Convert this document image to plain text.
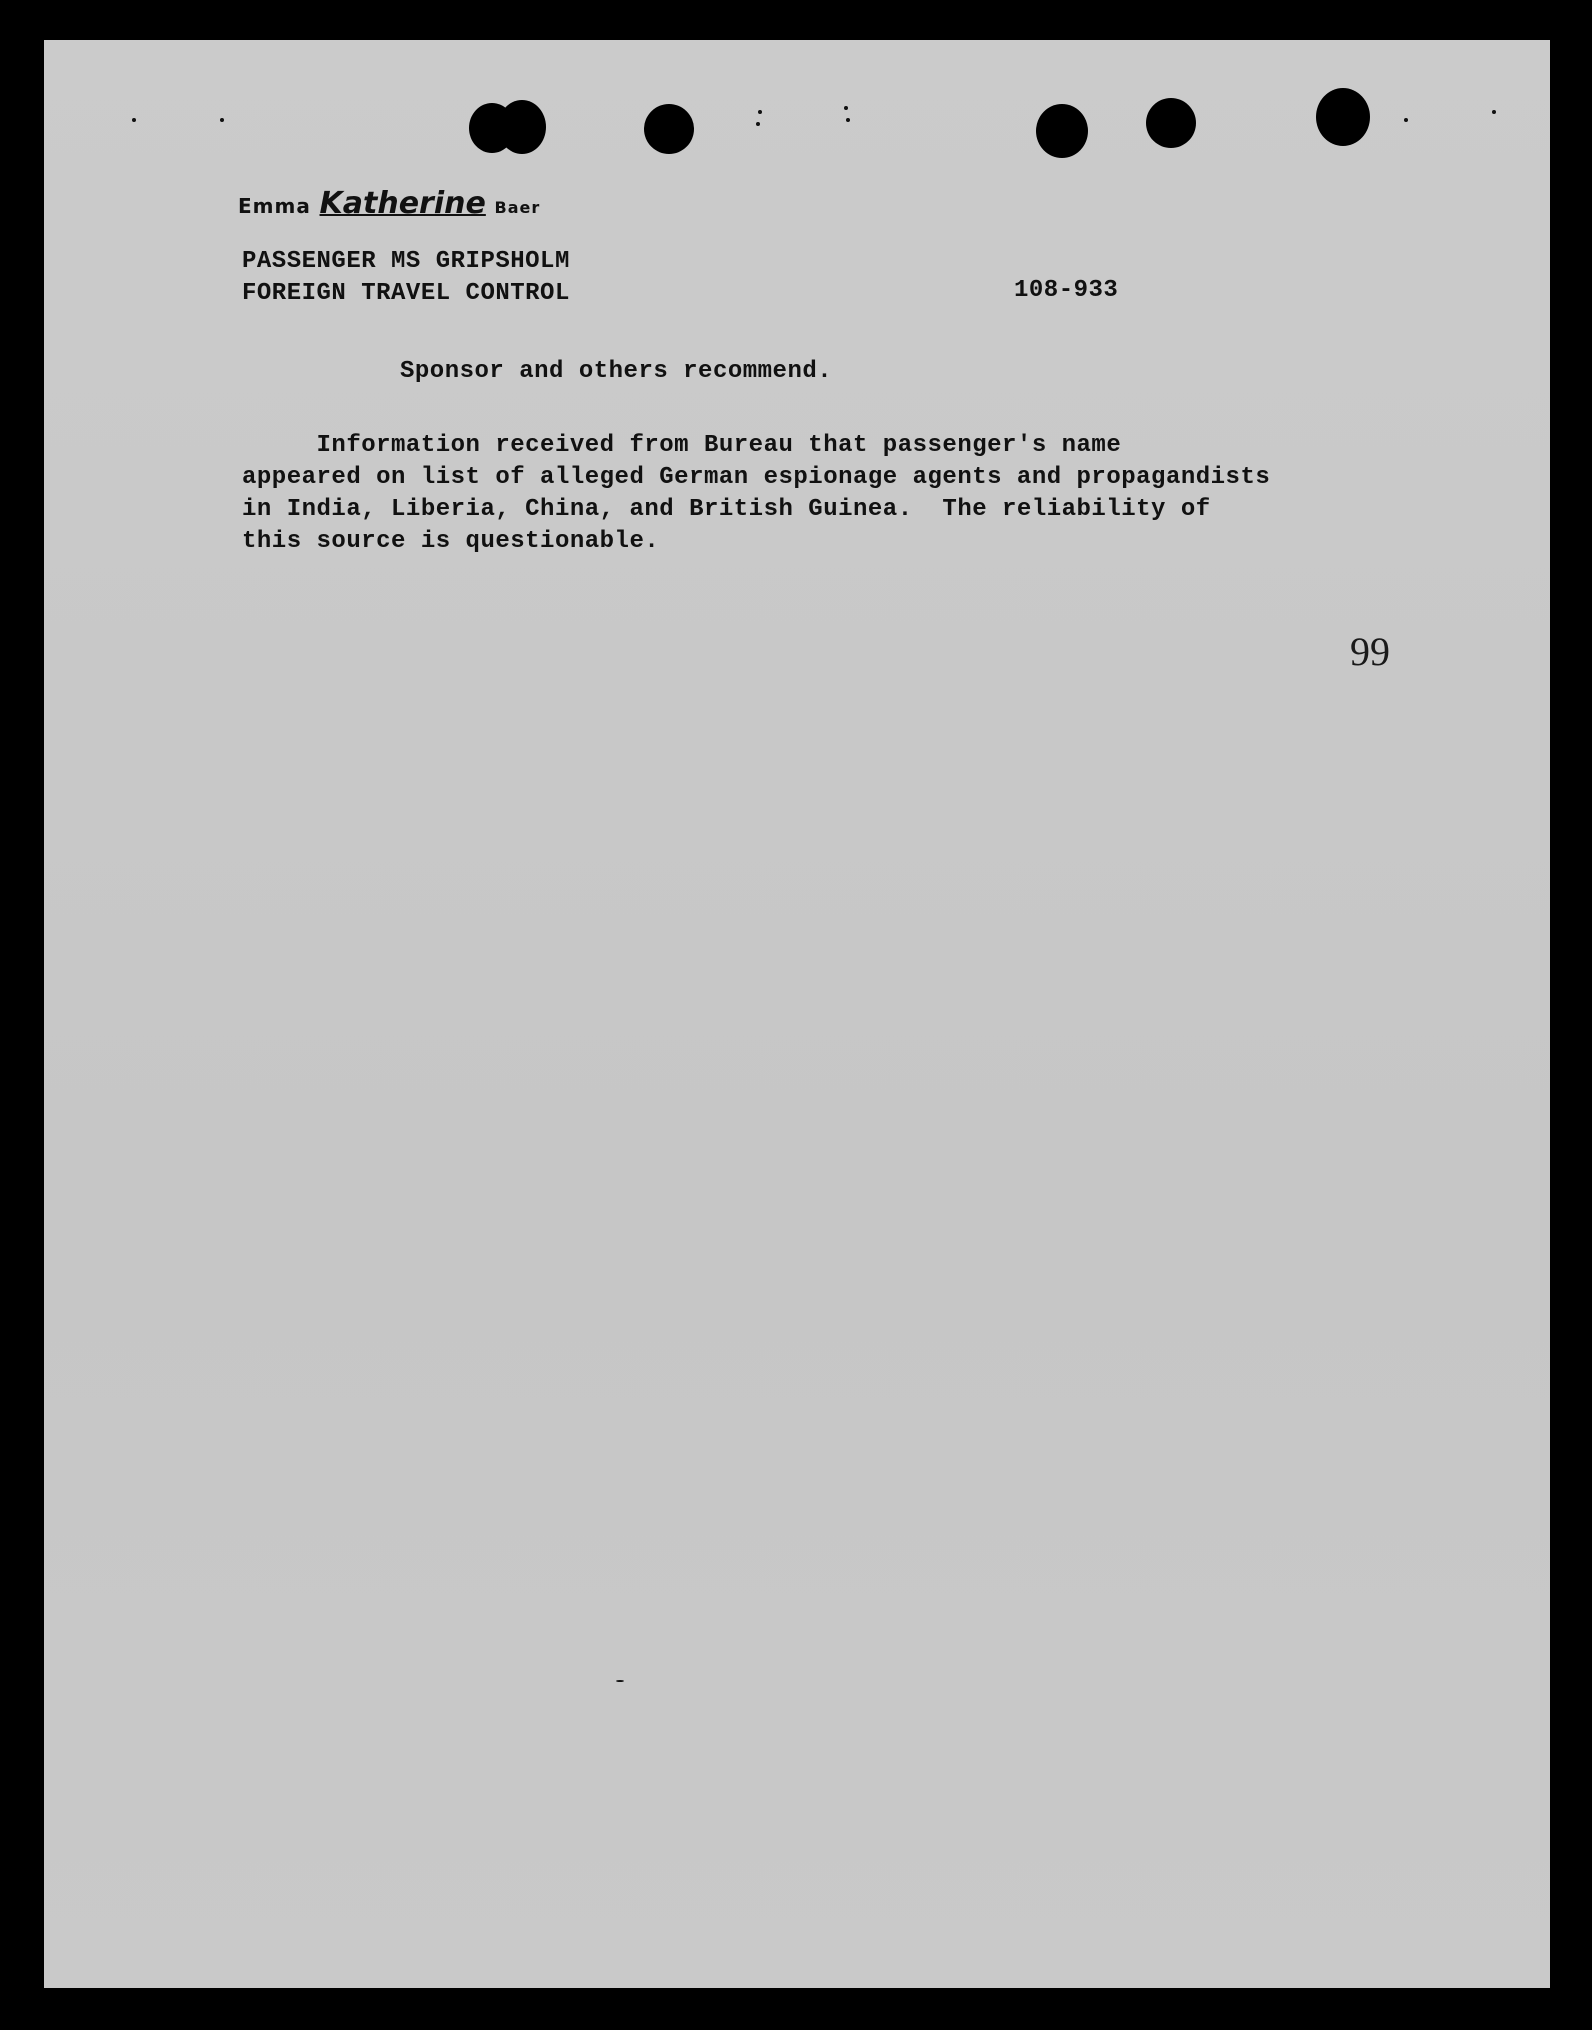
Emma Katherine Baer
PASSENGER MS GRIPSHOLM
FOREIGN TRAVEL CONTROL	108-933
Sponsor and others recommend.
Information received from Bureau that passenger's name
appeared on list of alleged German espionage agents and propagandists
in India, Liberia, China, and British Guinea.  The reliability of
this source is questionable.
99
